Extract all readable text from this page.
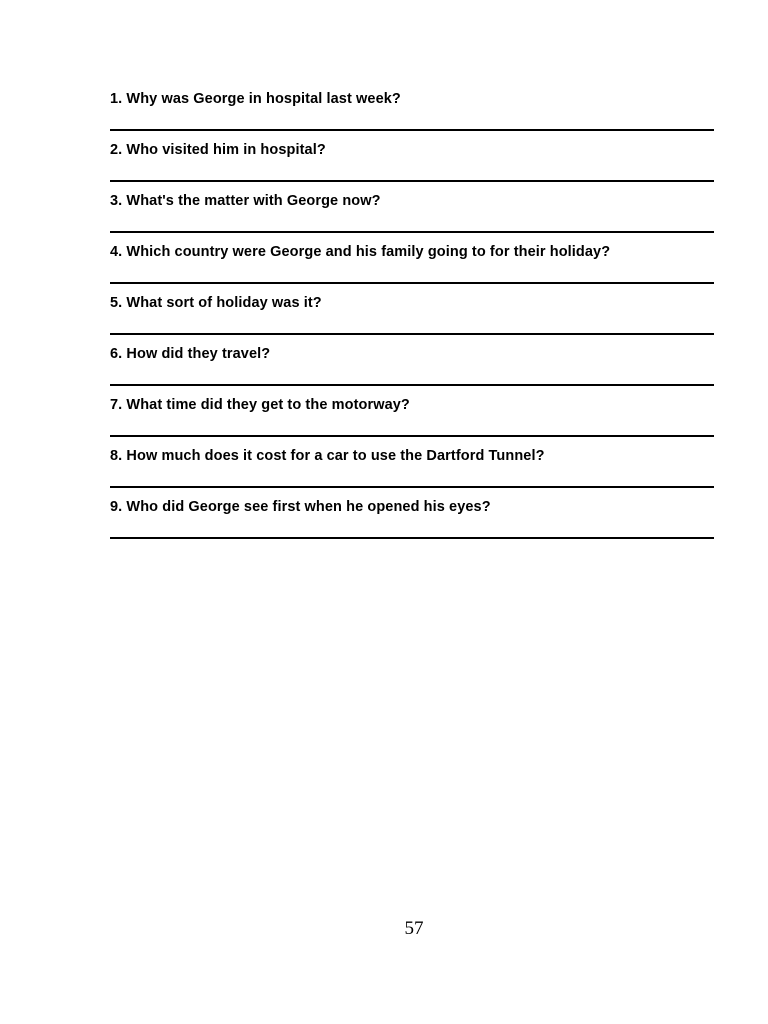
1. Why was George in hospital last week?
2. Who visited him in hospital?
3. What's the matter with George now?
4. Which country were George and his family going to for their holiday?
5. What sort of holiday was it?
6. How did they travel?
7. What time did they get to the motorway?
8. How much does it cost for a car to use the Dartford Tunnel?
9. Who did George see first when he opened his eyes?
57
